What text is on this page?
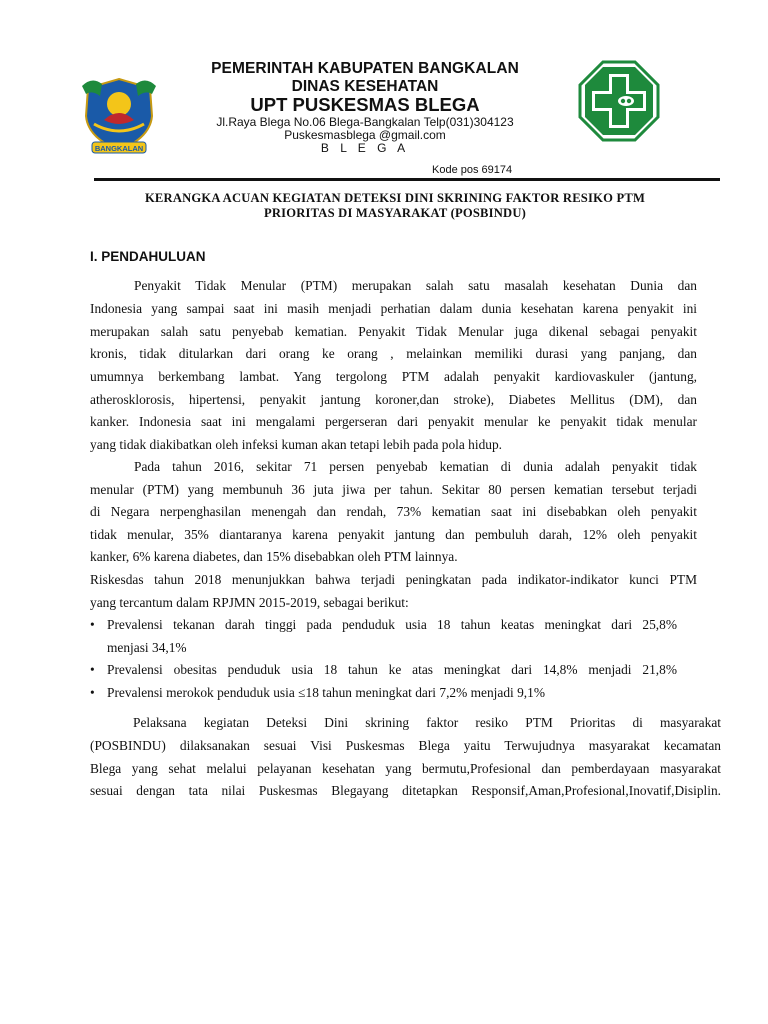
BANGKALAN
PEMERINTAH KABUPATEN BANGKALAN
DINAS KESEHATAN
UPT PUSKESMAS BLEGA
Jl.Raya Blega No.06 Blega-Bangkalan Telp(031)304123
Puskesmasblega @gmail.com
B L E G A
Kode pos 69174
KERANGKA ACUAN KEGIATAN DETEKSI DINI SKRINING FAKTOR RESIKO PTM
PRIORITAS DI MASYARAKAT (POSBINDU)
I. PENDAHULUAN
Penyakit Tidak Menular (PTM) merupakan salah satu masalah kesehatan Dunia dan
Indonesia yang sampai saat ini masih menjadi perhatian dalam dunia kesehatan karena penyakit ini
merupakan salah satu penyebab kematian. Penyakit Tidak Menular juga dikenal sebagai penyakit
kronis, tidak ditularkan dari orang ke orang , melainkan memiliki durasi yang panjang, dan
umumnya berkembang lambat. Yang tergolong PTM adalah penyakit kardiovaskuler (jantung,
atherosklorosis, hipertensi, penyakit jantung koroner,dan stroke), Diabetes Mellitus (DM), dan
kanker. Indonesia saat ini mengalami pergerseran dari penyakit menular ke penyakit tidak menular
yang tidak diakibatkan oleh infeksi kuman akan tetapi lebih pada pola hidup.
Pada tahun 2016, sekitar 71 persen penyebab kematian di dunia adalah penyakit tidak
menular (PTM) yang membunuh 36 juta jiwa per tahun. Sekitar 80 persen kematian tersebut terjadi
di Negara nerpenghasilan menengah dan rendah, 73% kematian saat ini disebabkan oleh penyakit
tidak menular, 35% diantaranya karena penyakit jantung dan pembuluh darah, 12% oleh penyakit
kanker, 6% karena diabetes, dan 15% disebabkan oleh PTM lainnya.
Riskesdas tahun 2018 menunjukkan bahwa terjadi peningkatan pada indikator-indikator kunci PTM
yang tercantum dalam RPJMN 2015-2019, sebagai berikut:
• Prevalensi tekanan darah tinggi pada penduduk usia 18 tahun keatas meningkat dari 25,8%
menjasi 34,1%
• Prevalensi obesitas penduduk usia 18 tahun ke atas meningkat dari 14,8% menjadi 21,8%
• Prevalensi merokok penduduk usia ≤18 tahun meningkat dari 7,2% menjadi 9,1%
Pelaksana kegiatan Deteksi Dini skrining faktor resiko PTM Prioritas di masyarakat
(POSBINDU) dilaksanakan sesuai Visi Puskesmas Blega yaitu Terwujudnya masyarakat kecamatan
Blega yang sehat melalui pelayanan kesehatan yang bermutu,Profesional dan pemberdayaan masyarakat
sesuai dengan tata nilai Puskesmas Blegayang ditetapkan Responsif,Aman,Profesional,Inovatif,Disiplin.
